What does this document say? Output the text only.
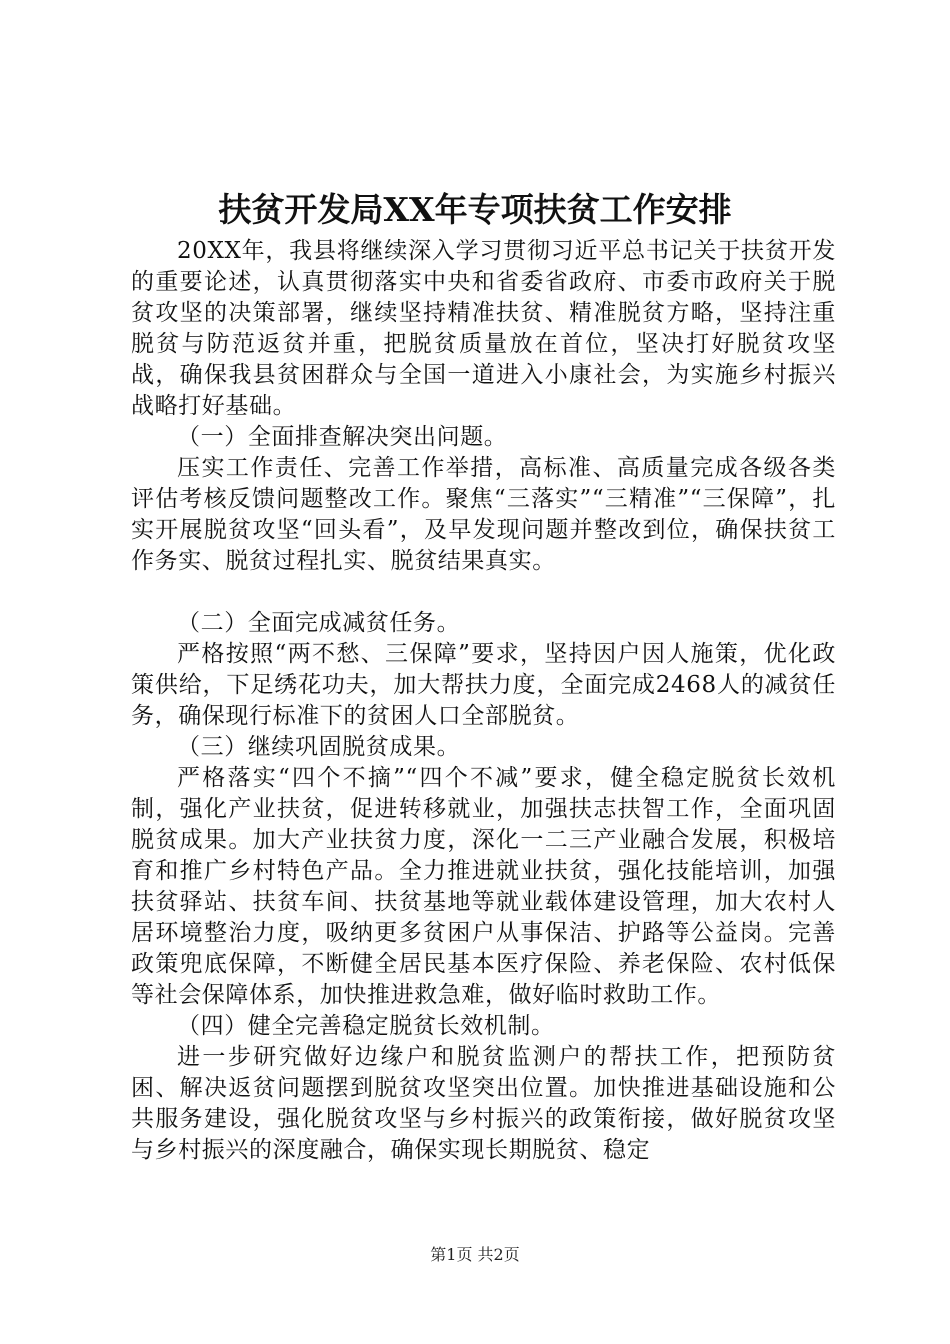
扶贫开发局XX年专项扶贫工作安排

20XX年，我县将继续深入学习贯彻习近平总书记关于扶贫开发的重要论述，认真贯彻落实中央和省委省政府、市委市政府关于脱贫攻坚的决策部署，继续坚持精准扶贫、精准脱贫方略，坚持注重脱贫与防范返贫并重，把脱贫质量放在首位，坚决打好脱贫攻坚战，确保我县贫困群众与全国一道进入小康社会，为实施乡村振兴战略打好基础。

（一）全面排查解决突出问题。

压实工作责任、完善工作举措，高标准、高质量完成各级各类评估考核反馈问题整改工作。聚焦“三落实”“三精准”“三保障”，扎实开展脱贫攻坚“回头看”，及早发现问题并整改到位，确保扶贫工作务实、脱贫过程扎实、脱贫结果真实。

（二）全面完成减贫任务。

严格按照“两不愁、三保障”要求，坚持因户因人施策，优化政策供给，下足绣花功夫，加大帮扶力度，全面完成2468人的减贫任务，确保现行标准下的贫困人口全部脱贫。

（三）继续巩固脱贫成果。

严格落实“四个不摘”“四个不减”要求，健全稳定脱贫长效机制，强化产业扶贫，促进转移就业，加强扶志扶智工作，全面巩固脱贫成果。加大产业扶贫力度，深化一二三产业融合发展，积极培育和推广乡村特色产品。全力推进就业扶贫，强化技能培训，加强扶贫驿站、扶贫车间、扶贫基地等就业载体建设管理，加大农村人居环境整治力度，吸纳更多贫困户从事保洁、护路等公益岗。完善政策兜底保障，不断健全居民基本医疗保险、养老保险、农村低保等社会保障体系，加快推进救急难，做好临时救助工作。

（四）健全完善稳定脱贫长效机制。

进一步研究做好边缘户和脱贫监测户的帮扶工作，把预防贫困、解决返贫问题摆到脱贫攻坚突出位置。加快推进基础设施和公共服务建设，强化脱贫攻坚与乡村振兴的政策衔接，做好脱贫攻坚与乡村振兴的深度融合，确保实现长期脱贫、稳定

第1页 共2页
